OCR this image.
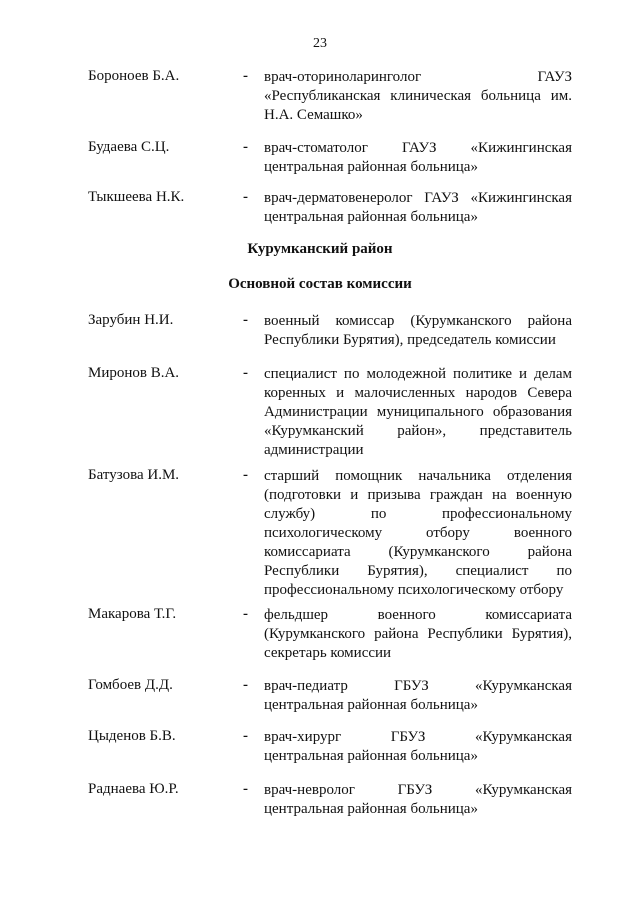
23
Бороноев Б.А.	- врач-оториноларинголог ГАУЗ
«Республиканская клиническая больница им.
Н.А. Семашко»
Будаева С.Ц.	- врач-стоматолог ГАУЗ «Кижингинская
центральная районная больница»
Тыкшеева Н.К.	- врач-дерматовенеролог ГАУЗ «Кижингинская
центральная районная больница»
Курумканский район
Основной состав комиссии
Зарубин Н.И.	- военный комиссар (Курумканского района
Республики Бурятия), председатель комиссии
Миронов В.А.	- специалист по молодежной политике и делам
коренных и малочисленных народов Севера
Администрации муниципального образования
«Курумканский район», представитель
администрации
Батузова И.М.	- старший помощник начальника отделения
(подготовки и призыва граждан на военную
службу) по профессиональному
психологическому отбору военного
комиссариата (Курумканского района
Республики Бурятия), специалист по
профессиональному психологическому отбору
Макарова Т.Г.	- фельдшер военного комиссариата
(Курумканского района Республики Бурятия),
секретарь комиссии
Гомбоев Д.Д.	- врач-педиатр ГБУЗ «Курумканская
центральная районная больница»
Цыденов Б.В.	- врач-хирург ГБУЗ «Курумканская
центральная районная больница»
Раднаева Ю.Р.	- врач-невролог ГБУЗ «Курумканская
центральная районная больница»
